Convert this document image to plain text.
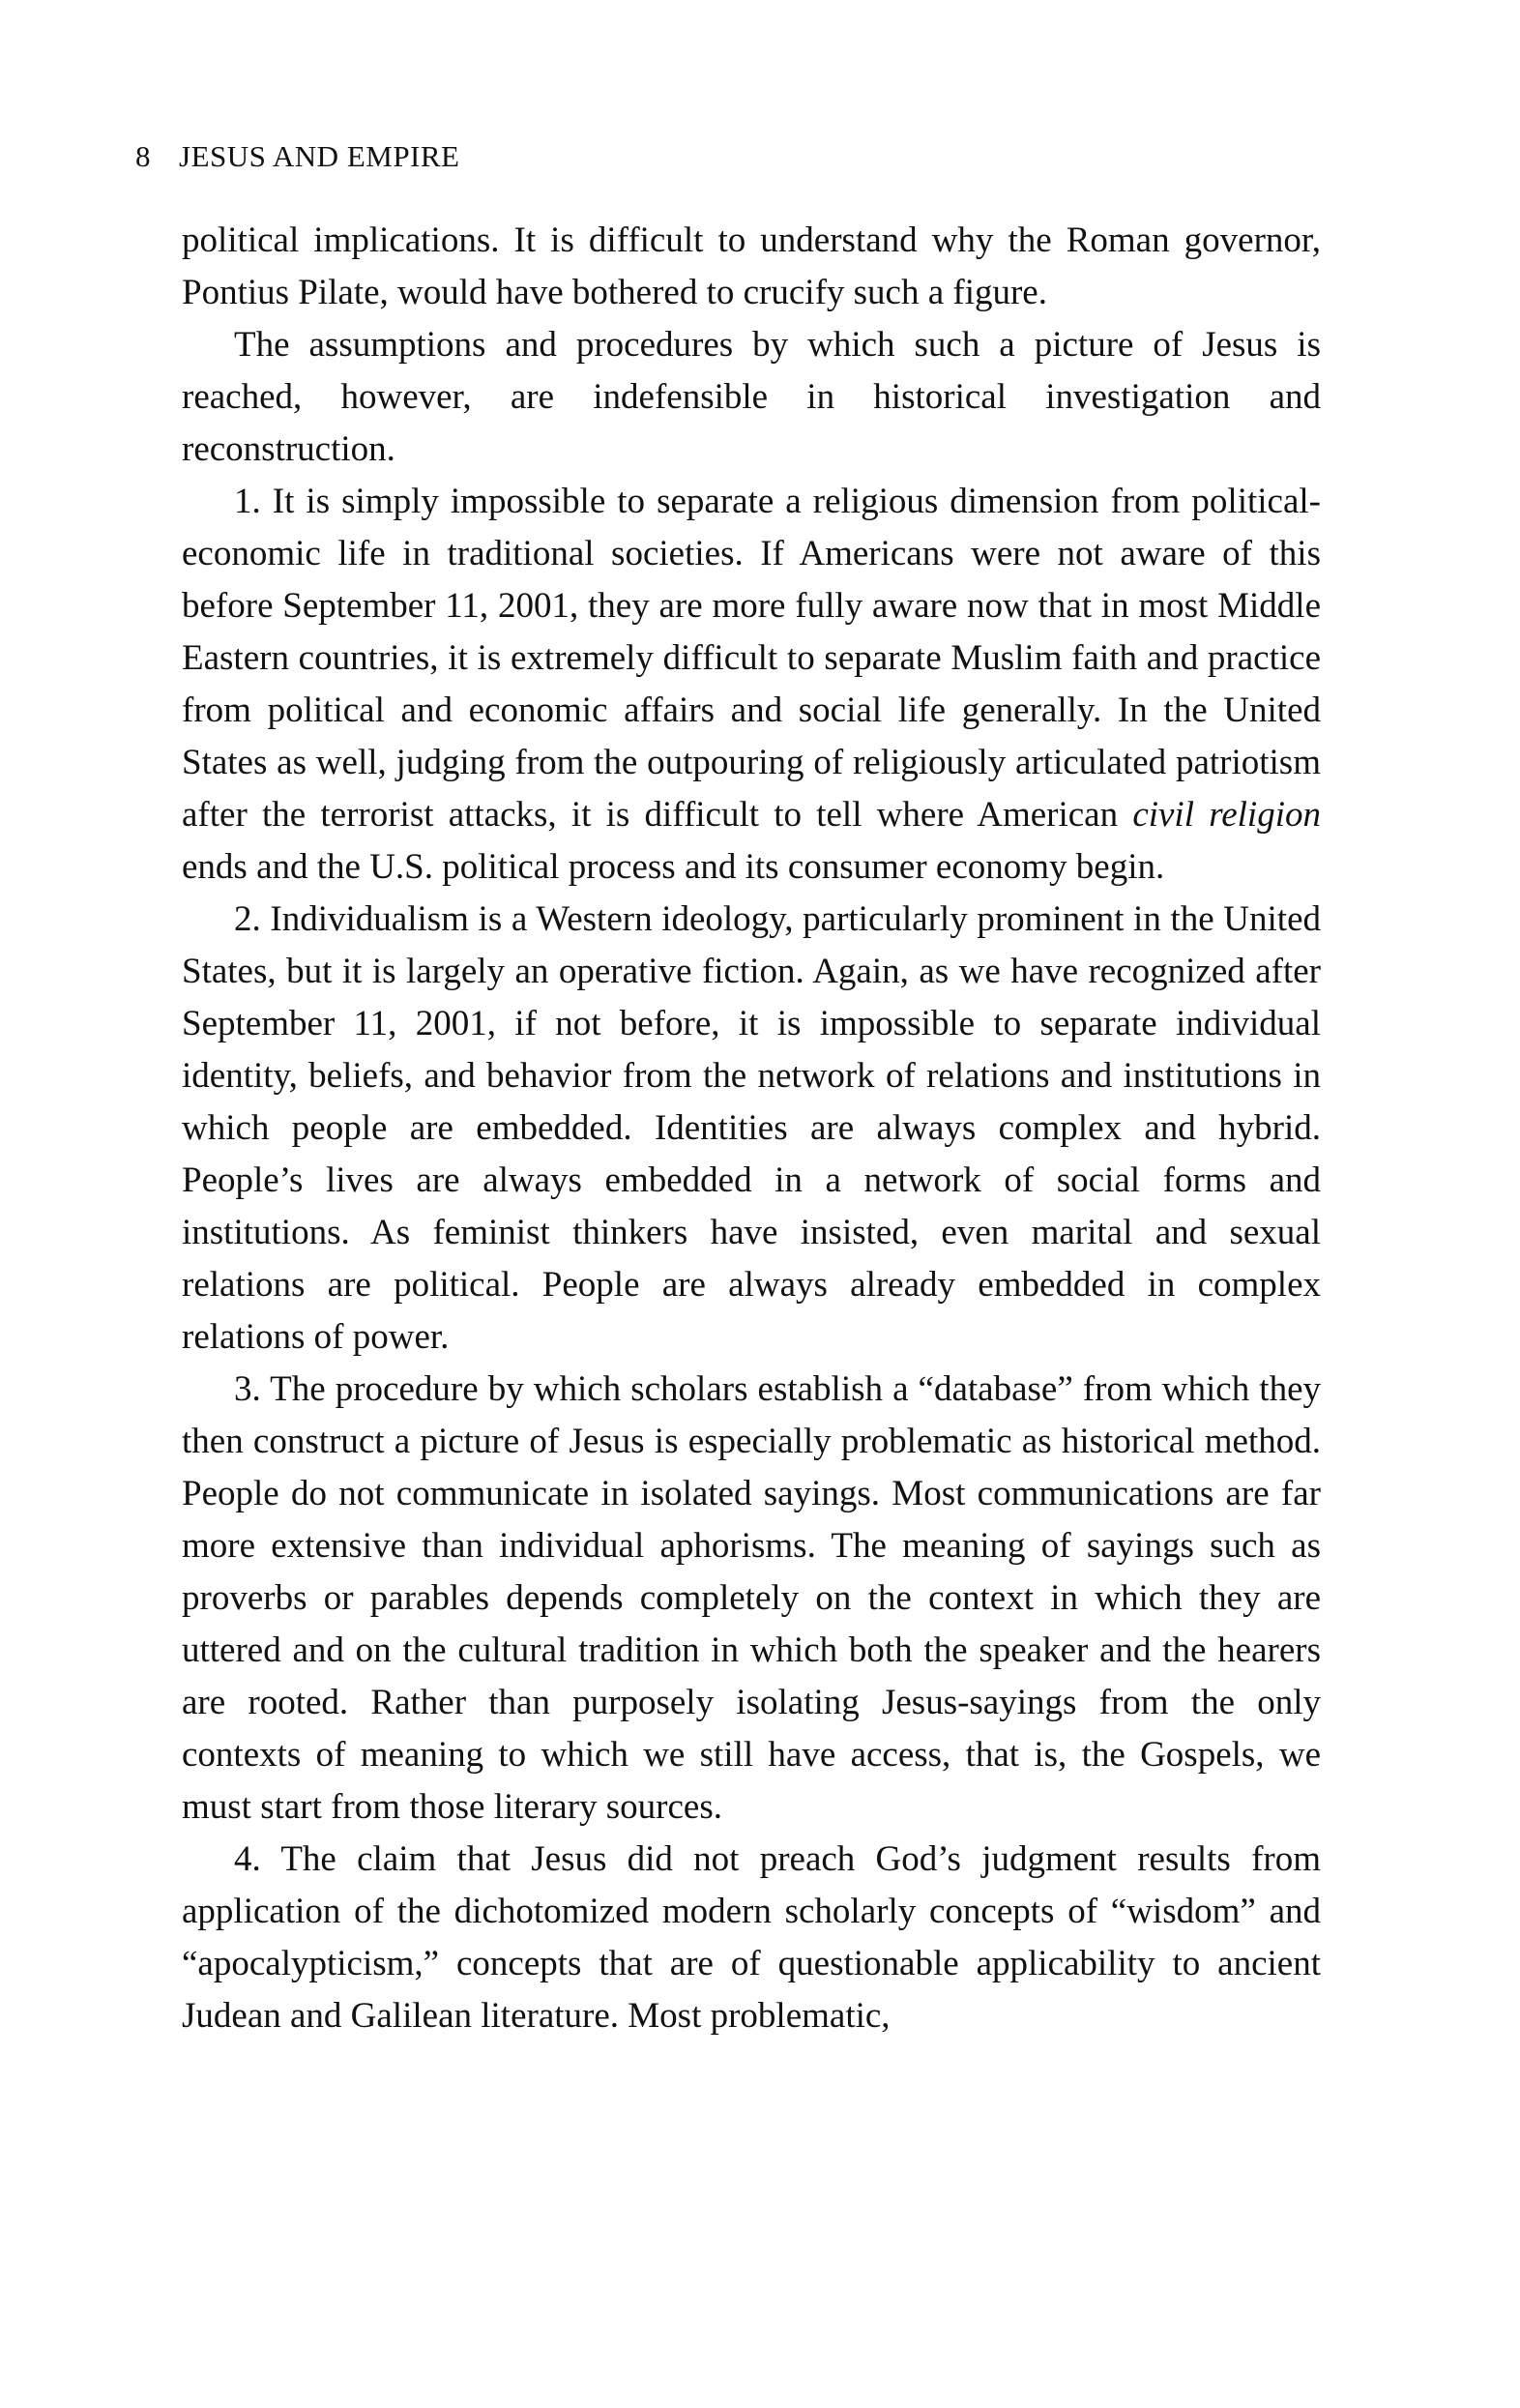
8 JESUS AND EMPIRE

political implications. It is difficult to understand why the Roman governor, Pontius Pilate, would have bothered to crucify such a figure.

The assumptions and procedures by which such a picture of Jesus is reached, however, are indefensible in historical investigation and reconstruction.

1. It is simply impossible to separate a religious dimension from political-economic life in traditional societies. If Americans were not aware of this before September 11, 2001, they are more fully aware now that in most Middle Eastern countries, it is extremely difficult to separate Muslim faith and practice from political and economic affairs and social life generally. In the United States as well, judging from the outpouring of religiously articulated patriotism after the terrorist attacks, it is difficult to tell where American civil religion ends and the U.S. political process and its consumer economy begin.

2. Individualism is a Western ideology, particularly prominent in the United States, but it is largely an operative fiction. Again, as we have recognized after September 11, 2001, if not before, it is impossible to separate individual identity, beliefs, and behavior from the network of relations and institutions in which people are embedded. Identities are always complex and hybrid. People’s lives are always embedded in a network of social forms and institutions. As feminist thinkers have insisted, even marital and sexual relations are political. People are always already embedded in complex relations of power.

3. The procedure by which scholars establish a “database” from which they then construct a picture of Jesus is especially problematic as historical method. People do not communicate in isolated sayings. Most communications are far more extensive than individual aphorisms. The meaning of sayings such as proverbs or parables depends completely on the context in which they are uttered and on the cultural tradition in which both the speaker and the hearers are rooted. Rather than purposely isolating Jesus-sayings from the only contexts of meaning to which we still have access, that is, the Gospels, we must start from those literary sources.

4. The claim that Jesus did not preach God’s judgment results from application of the dichotomized modern scholarly concepts of “wisdom” and “apocalypticism,” concepts that are of questionable applicability to ancient Judean and Galilean literature. Most problematic,
